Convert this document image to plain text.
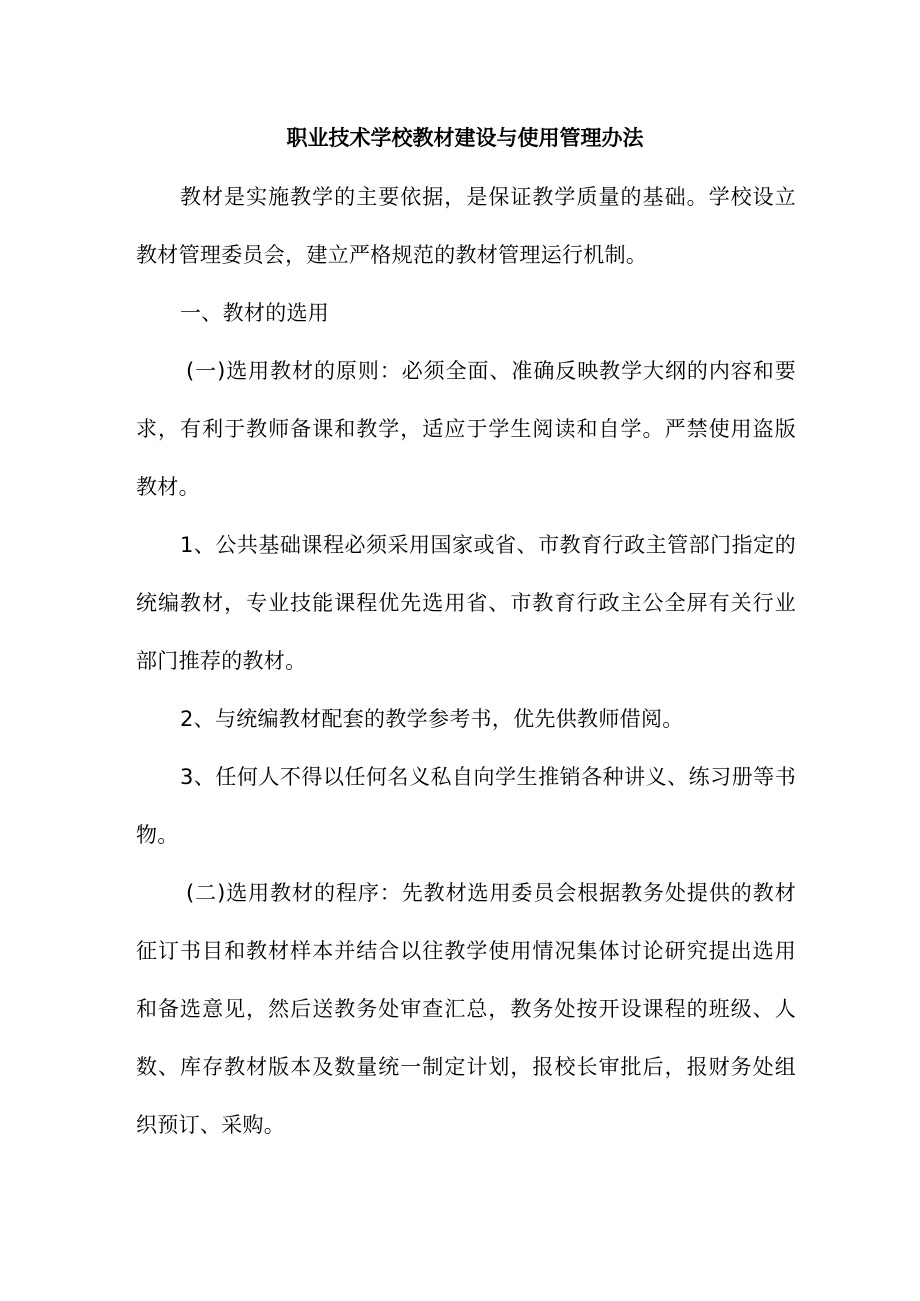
职业技术学校教材建设与使用管理办法

教材是实施教学的主要依据，是保证教学质量的基础。学校设立教材管理委员会，建立严格规范的教材管理运行机制。

一、教材的选用

(一)选用教材的原则：必须全面、准确反映教学大纲的内容和要求，有利于教师备课和教学，适应于学生阅读和自学。严禁使用盗版教材。

1、公共基础课程必须采用国家或省、市教育行政主管部门指定的统编教材，专业技能课程优先选用省、市教育行政主公全屏有关行业部门推荐的教材。

2、与统编教材配套的教学参考书，优先供教师借阅。

3、任何人不得以任何名义私自向学生推销各种讲义、练习册等书物。

(二)选用教材的程序：先教材选用委员会根据教务处提供的教材征订书目和教材样本并结合以往教学使用情况集体讨论研究提出选用和备选意见，然后送教务处审查汇总，教务处按开设课程的班级、人数、库存教材版本及数量统一制定计划，报校长审批后，报财务处组织预订、采购。
